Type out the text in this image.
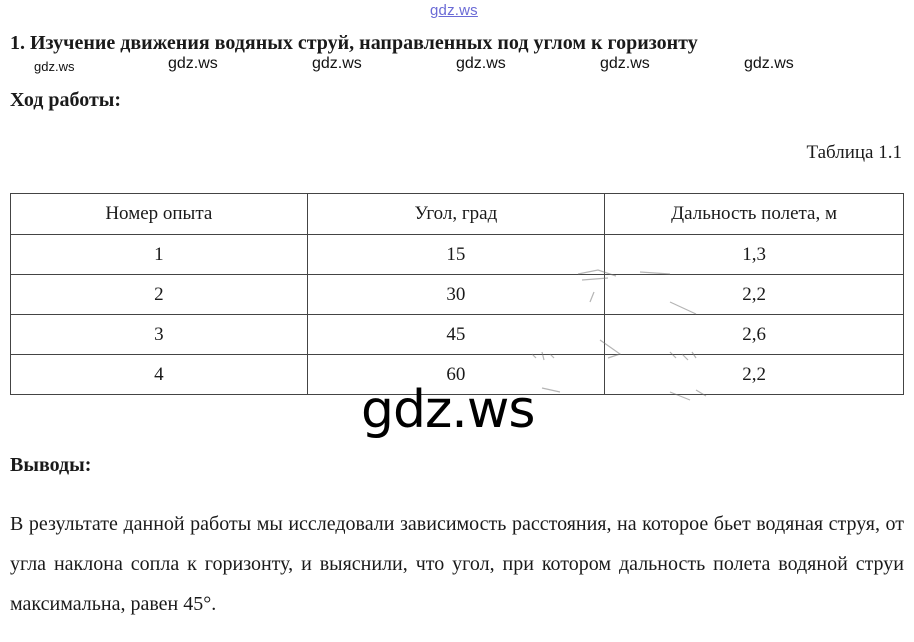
gdz.ws
1. Изучение движения водяных струй, направленных под углом к горизонту
gdz.ws	gdz.ws	gdz.ws	gdz.ws	gdz.ws	gdz.ws
Ход работы:
Таблица 1.1
Номер опыта	Угол, град	Дальность полета, м
1	15	1,3
2	30	2,2
3	45	2,6
4	60	2,2
gdz.ws
Выводы:
В результате данной работы мы исследовали зависимость расстояния, на которое бьет водяная струя, от угла наклона сопла к горизонту, и выяснили, что угол, при котором дальность полета водяной струи максимальна, равен 45°.
